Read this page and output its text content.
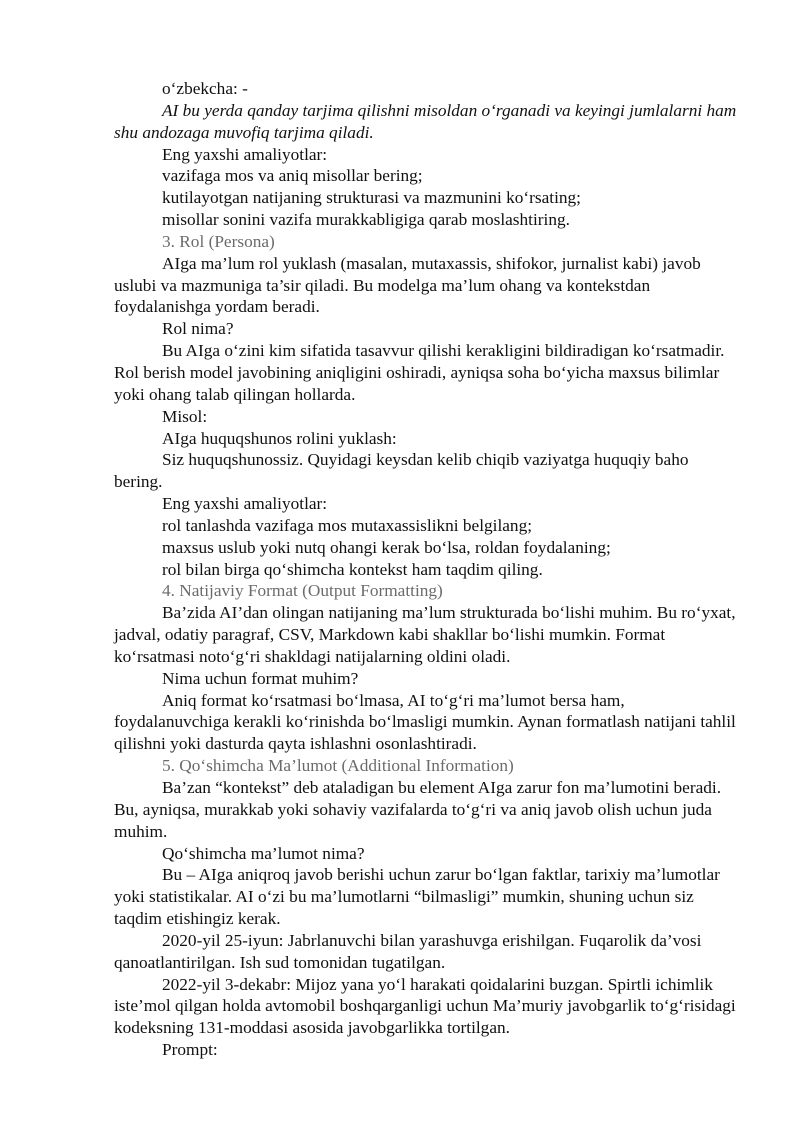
o‘zbekcha: -

AI bu yerda qanday tarjima qilishni misoldan o‘rganadi va keyingi jumlalarni ham shu andozaga muvofiq tarjima qiladi.

Eng yaxshi amaliyotlar:

vazifaga mos va aniq misollar bering;

kutilayotgan natijaning strukturasi va mazmunini ko‘rsating;

misollar sonini vazifa murakkabligiga qarab moslashtiring.

3. Rol (Persona)

AIga ma’lum rol yuklash (masalan, mutaxassis, shifokor, jurnalist kabi) javob uslubi va mazmuniga ta’sir qiladi. Bu modelga ma’lum ohang va kontekstdan foydalanishga yordam beradi.

Rol nima?

Bu AIga o‘zini kim sifatida tasavvur qilishi kerakligini bildiradigan ko‘rsatmadir. Rol berish model javobining aniqligini oshiradi, ayniqsa soha bo‘yicha maxsus bilimlar yoki ohang talab qilingan hollarda.

Misol:

AIga huquqshunos rolini yuklash:

Siz huquqshunossiz. Quyidagi keysdan kelib chiqib vaziyatga huquqiy baho bering.

Eng yaxshi amaliyotlar:

rol tanlashda vazifaga mos mutaxassislikni belgilang;

maxsus uslub yoki nutq ohangi kerak bo‘lsa, roldan foydalaning;

rol bilan birga qo‘shimcha kontekst ham taqdim qiling.

4. Natijaviy Format (Output Formatting)

Ba’zida AI’dan olingan natijaning ma’lum strukturada bo‘lishi muhim. Bu ro‘yxat, jadval, odatiy paragraf, CSV, Markdown kabi shakllar bo‘lishi mumkin. Format ko‘rsatmasi noto‘g‘ri shakldagi natijalarning oldini oladi.

Nima uchun format muhim?

Aniq format ko‘rsatmasi bo‘lmasa, AI to‘g‘ri ma’lumot bersa ham, foydalanuvchiga kerakli ko‘rinishda bo‘lmasligi mumkin. Aynan formatlash natijani tahlil qilishni yoki dasturda qayta ishlashni osonlashtiradi.

5. Qo‘shimcha Ma’lumot (Additional Information)

Ba’zan “kontekst” deb ataladigan bu element AIga zarur fon ma’lumotini beradi. Bu, ayniqsa, murakkab yoki sohaviy vazifalarda to‘g‘ri va aniq javob olish uchun juda muhim.

Qo‘shimcha ma’lumot nima?

Bu – AIga aniqroq javob berishi uchun zarur bo‘lgan faktlar, tarixiy ma’lumotlar yoki statistikalar. AI o‘zi bu ma’lumotlarni “bilmasligi” mumkin, shuning uchun siz taqdim etishingiz kerak.

2020-yil 25-iyun: Jabrlanuvchi bilan yarashuvga erishilgan. Fuqarolik da’vosi qanoatlantirilgan. Ish sud tomonidan tugatilgan.

2022-yil 3-dekabr: Mijoz yana yo‘l harakati qoidalarini buzgan. Spirtli ichimlik iste’mol qilgan holda avtomobil boshqarganligi uchun Ma’muriy javobgarlik to‘g‘risidagi kodeksning 131-moddasi asosida javobgarlikka tortilgan.

Prompt:
